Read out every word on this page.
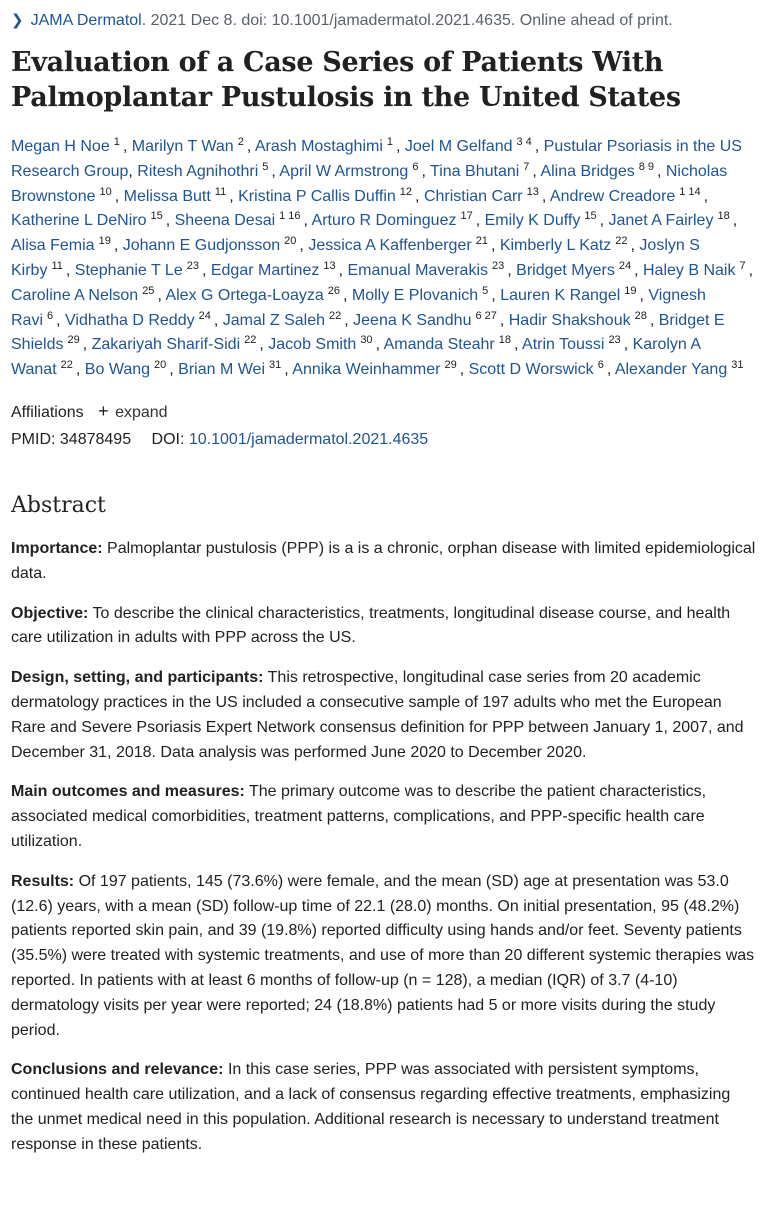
❯ JAMA Dermatol. 2021 Dec 8. doi: 10.1001/jamadermatol.2021.4635. Online ahead of print.
Evaluation of a Case Series of Patients With Palmoplantar Pustulosis in the United States
Megan H Noe $^1$ , Marilyn T Wan $^2$ , Arash Mostaghimi $^1$ , Joel M Gelfand $^{3 4}$ , Pustular Psoriasis in the US Research Group, Ritesh Agnihothri $^5$ , April W Armstrong $^6$ , Tina Bhutani $^7$ , Alina Bridges $^{8 9}$ , Nicholas Brownstone $^{10}$ , Melissa Butt $^{11}$ , Kristina P Callis Duffin $^{12}$ , Christian Carr $^{13}$ , Andrew Creadore $^{1 14}$ , Katherine L DeNiro $^{15}$ , Sheena Desai $^{1 16}$ , Arturo R Dominguez $^{17}$ , Emily K Duffy $^{15}$ , Janet A Fairley $^{18}$ , Alisa Femia $^{19}$ , Johann E Gudjonsson $^{20}$ , Jessica A Kaffenberger $^{21}$ , Kimberly L Katz $^{22}$ , Joslyn S Kirby $^{11}$ , Stephanie T Le $^{23}$ , Edgar Martinez $^{13}$ , Emanual Maverakis $^{23}$ , Bridget Myers $^{24}$ , Haley B Naik $^7$ , Caroline A Nelson $^{25}$ , Alex G Ortega-Loayza $^{26}$ , Molly E Plovanich $^5$ , Lauren K Rangel $^{19}$ , Vignesh Ravi $^6$ , Vidhatha D Reddy $^{24}$ , Jamal Z Saleh $^{22}$ , Jeena K Sandhu $^{6 27}$ , Hadir Shakshouk $^{28}$ , Bridget E Shields $^{29}$ , Zakariyah Sharif-Sidi $^{22}$ , Jacob Smith $^{30}$ , Amanda Steahr $^{18}$ , Atrin Toussi $^{23}$ , Karolyn A Wanat $^{22}$ , Bo Wang $^{20}$ , Brian M Wei $^{31}$ , Annika Weinhammer $^{29}$ , Scott D Worswick $^6$ , Alexander Yang $^{31}$
Affiliations + expand
PMID: 34878495 DOI: 10.1001/jamadermatol.2021.4635
Abstract
Importance: Palmoplantar pustulosis (PPP) is a is a chronic, orphan disease with limited epidemiological data.
Objective: To describe the clinical characteristics, treatments, longitudinal disease course, and health care utilization in adults with PPP across the US.
Design, setting, and participants: This retrospective, longitudinal case series from 20 academic dermatology practices in the US included a consecutive sample of 197 adults who met the European Rare and Severe Psoriasis Expert Network consensus definition for PPP between January 1, 2007, and December 31, 2018. Data analysis was performed June 2020 to December 2020.
Main outcomes and measures: The primary outcome was to describe the patient characteristics, associated medical comorbidities, treatment patterns, complications, and PPP-specific health care utilization.
Results: Of 197 patients, 145 (73.6%) were female, and the mean (SD) age at presentation was 53.0 (12.6) years, with a mean (SD) follow-up time of 22.1 (28.0) months. On initial presentation, 95 (48.2%) patients reported skin pain, and 39 (19.8%) reported difficulty using hands and/or feet. Seventy patients (35.5%) were treated with systemic treatments, and use of more than 20 different systemic therapies was reported. In patients with at least 6 months of follow-up (n = 128), a median (IQR) of 3.7 (4-10) dermatology visits per year were reported; 24 (18.8%) patients had 5 or more visits during the study period.
Conclusions and relevance: In this case series, PPP was associated with persistent symptoms, continued health care utilization, and a lack of consensus regarding effective treatments, emphasizing the unmet medical need in this population. Additional research is necessary to understand treatment response in these patients.
